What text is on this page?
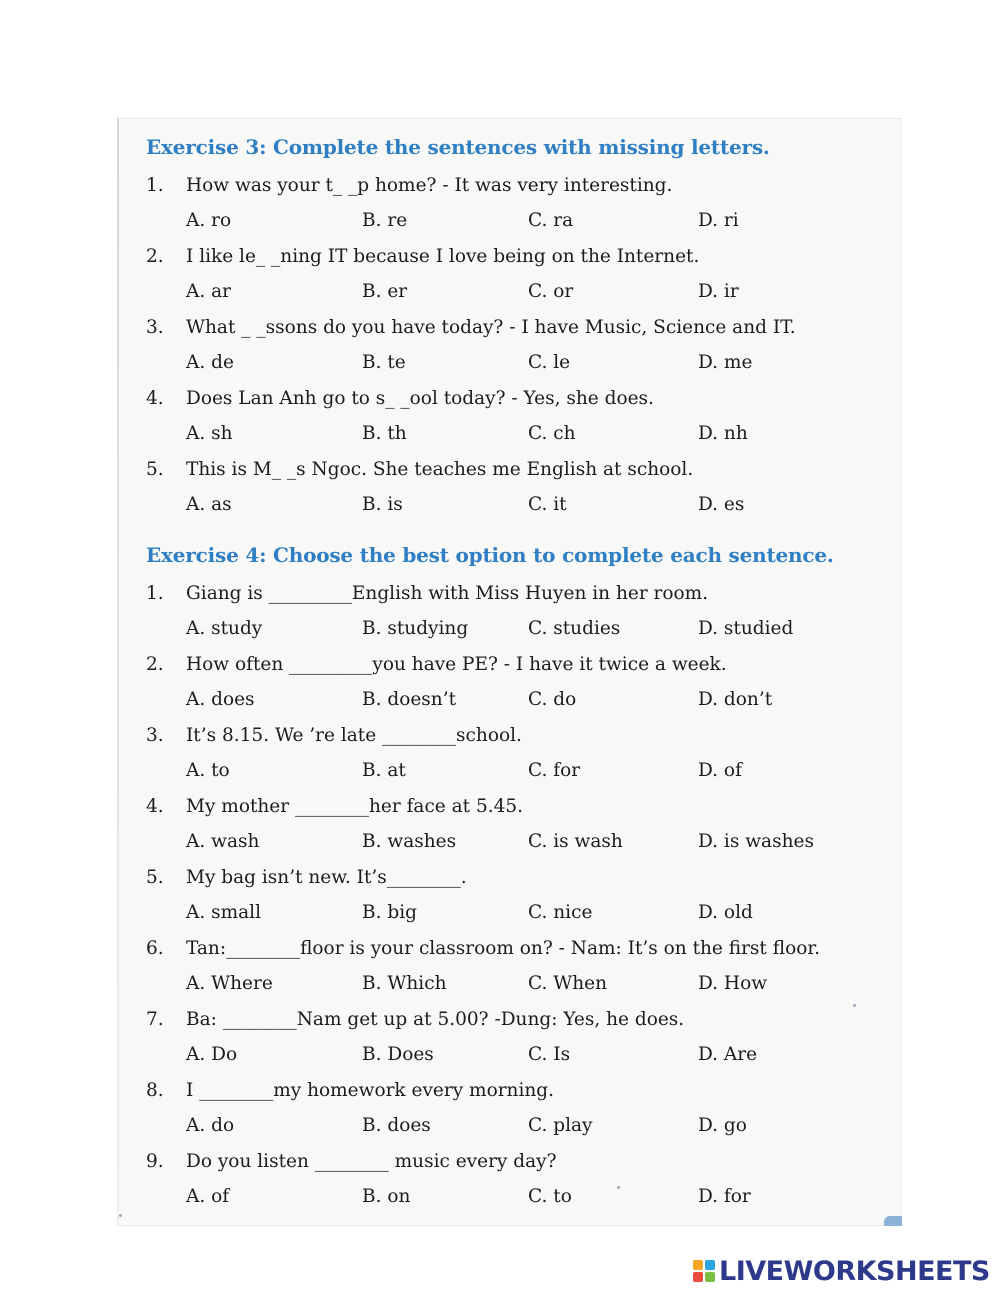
Exercise 3: Complete the sentences with missing letters.
1. How was your t_ _p home? - It was very interesting.
A. ro	B. re	C. ra	D. ri
2. I like le_ _ning IT because I love being on the Internet.
A. ar	B. er	C. or	D. ir
3. What _ _ssons do you have today? - I have Music, Science and IT.
A. de	B. te	C. le	D. me
4. Does Lan Anh go to s_ _ool today? - Yes, she does.
A. sh	B. th	C. ch	D. nh
5. This is M_ _s Ngoc. She teaches me English at school.
A. as	B. is	C. it	D. es
Exercise 4: Choose the best option to complete each sentence.
1. Giang is _________English with Miss Huyen in her room.
A. study	B. studying	C. studies	D. studied
2. How often _________you have PE? - I have it twice a week.
A. does	B. doesn’t	C. do	D. don’t
3. It’s 8.15. We ’re late ________school.
A. to	B. at	C. for	D. of
4. My mother ________her face at 5.45.
A. wash	B. washes	C. is wash	D. is washes
5. My bag isn’t new. It’s________.
A. small	B. big	C. nice	D. old
6. Tan:________floor is your classroom on? - Nam: It’s on the first floor.
A. Where	B. Which	C. When	D. How
7. Ba: ________Nam get up at 5.00? -Dung: Yes, he does.
A. Do	B. Does	C. Is	D. Are
8. I ________my homework every morning.
A. do	B. does	C. play	D. go
9. Do you listen ________ music every day?
A. of	B. on	C. to	D. for
LIVEWORKSHEETS
